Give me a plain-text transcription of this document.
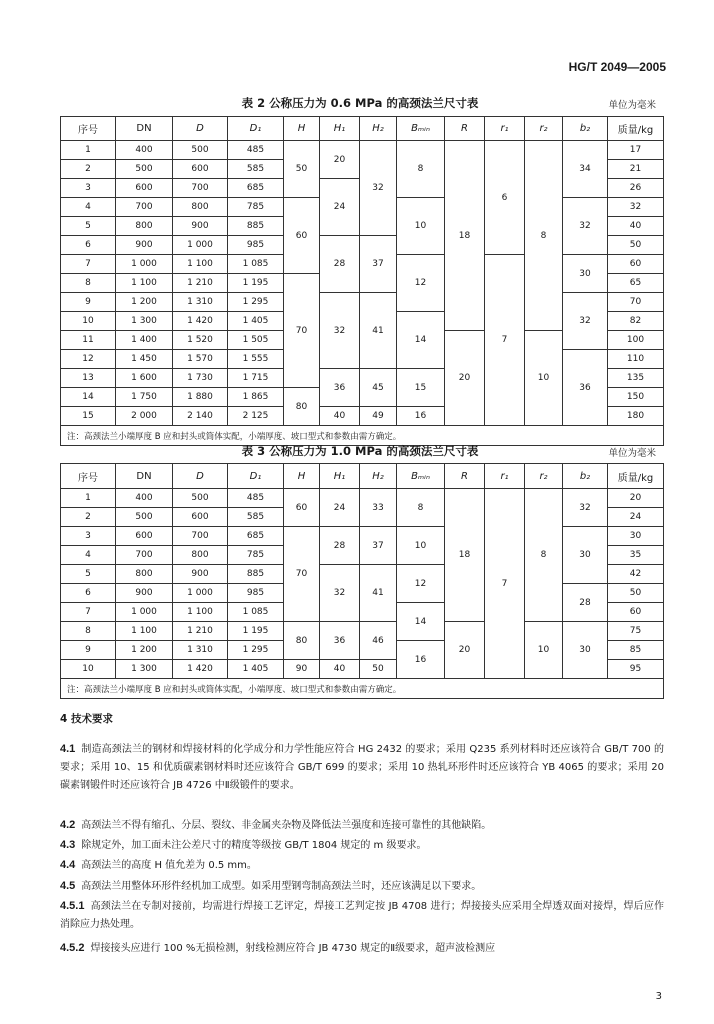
HG/T 2049—2005
表 2 公称压力为 0.6 MPa 的高颈法兰尺寸表	单位为毫米
序号	DN	D	D₁	H	H₁	H₂	Bₘᵢₙ	R	r₁	r₂	b₂	质量/kg
1	400	500	485	50	20	32	8	18	6	8	34	17
2	500	600	585									21
3	600	700	685		24							26
4	700	800	785	60			10				32	32
5	800	900	885									40
6	900	1 000	985		28	37						50
7	1 000	1 100	1 085				12		7		30	60
8	1 100	1 210	1 195	70								65
9	1 200	1 310	1 295		32	41					32	70
10	1 300	1 420	1 405				14					82
11	1 400	1 520	1 505					20		10		100
12	1 450	1 570	1 555								36	110
13	1 600	1 730	1 715		36	45	15					135
14	1 750	1 880	1 865	80								150
15	2 000	2 140	2 125		40	49	16					180
注：高颈法兰小端厚度 B 应和封头或筒体实配，小端厚度、坡口型式和参数由需方确定。												
表 3 公称压力为 1.0 MPa 的高颈法兰尺寸表	单位为毫米
序号	DN	D	D₁	H	H₁	H₂	Bₘᵢₙ	R	r₁	r₂	b₂	质量/kg
1	400	500	485	60	24	33	8	18	7	8	32	20
2	500	600	585									24
3	600	700	685	70	28	37	10				30	30
4	700	800	785									35
5	800	900	885		32	41	12					42
6	900	1 000	985								28	50
7	1 000	1 100	1 085				14					60
8	1 100	1 210	1 195	80	36	46		20		10	30	75
9	1 200	1 310	1 295				16					85
10	1 300	1 420	1 405	90	40	50						95
注：高颈法兰小端厚度 B 应和封头或筒体实配，小端厚度、坡口型式和参数由需方确定。												
4 技术要求
4.1 制造高颈法兰的钢材和焊接材料的化学成分和力学性能应符合 HG 2432 的要求；采用 Q235 系列材料时还应该符合 GB/T 700 的要求；采用 10、15 和优质碳素钢材料时还应该符合 GB/T 699 的要求；采用 10 热轧环形件时还应该符合 YB 4065 的要求；采用 20 碳素钢锻件时还应该符合 JB 4726 中Ⅱ级锻件的要求。
4.2 高颈法兰不得有缩孔、分层、裂纹、非金属夹杂物及降低法兰强度和连接可靠性的其他缺陷。
4.3 除规定外，加工面未注公差尺寸的精度等级按 GB/T 1804 规定的 m 级要求。
4.4 高颈法兰的高度 H 值允差为 0.5 mm。
4.5 高颈法兰用整体环形件经机加工成型。如采用型钢弯制高颈法兰时，还应该满足以下要求。
4.5.1 高颈法兰在专制对接前，均需进行焊接工艺评定，焊接工艺判定按 JB 4708 进行；焊接接头应采用全焊透双面对接焊，焊后应作消除应力热处理。
4.5.2 焊接接头应进行 100 %无损检测，射线检测应符合 JB 4730 规定的Ⅱ级要求，超声波检测应
3
